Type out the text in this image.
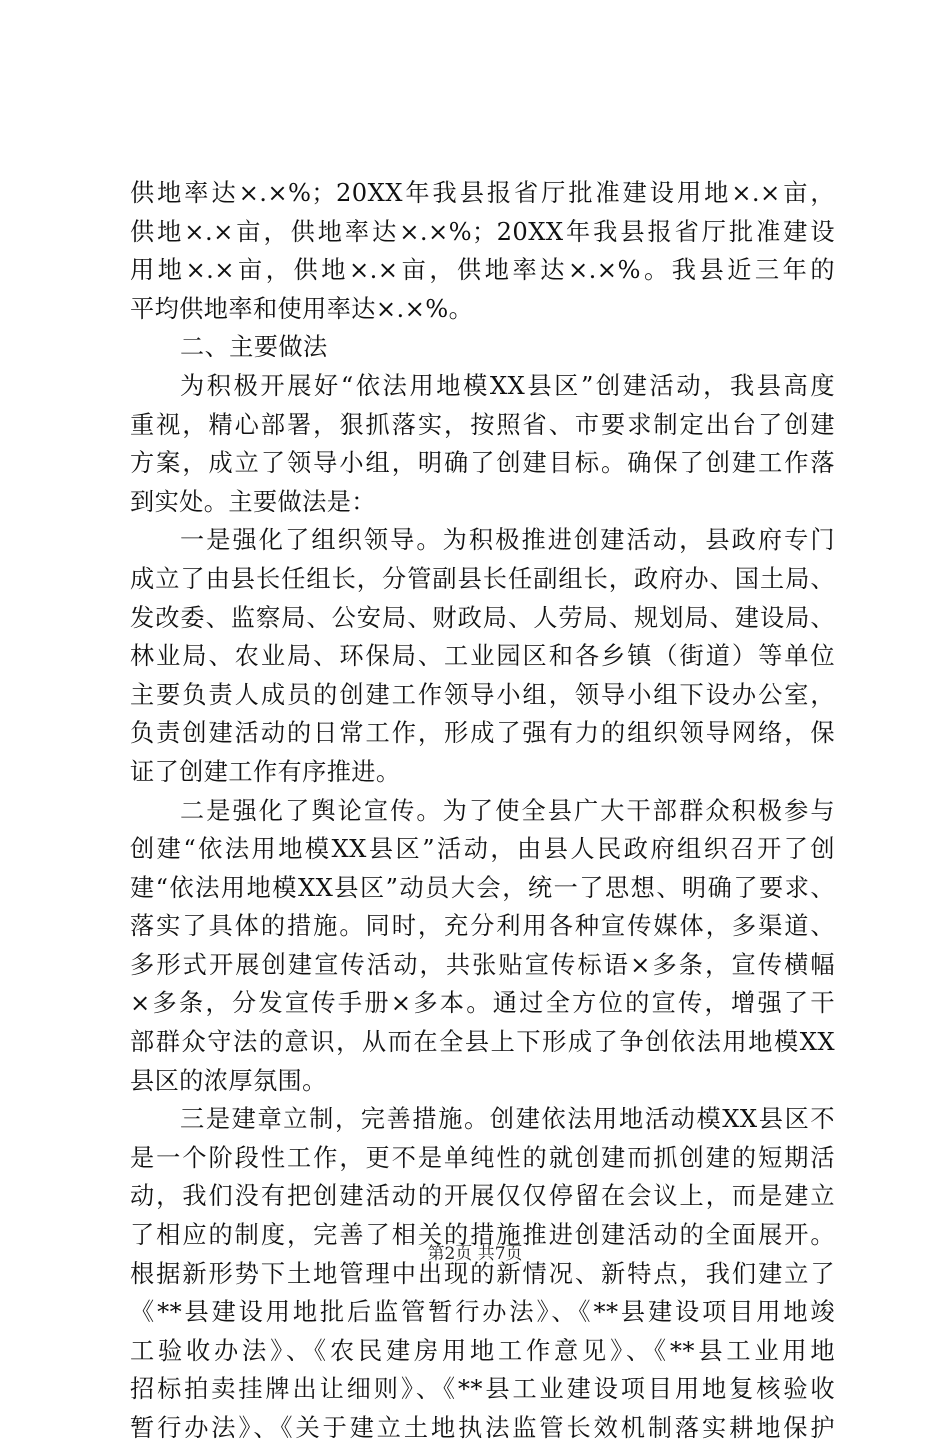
供地率达×.×%；20XX年我县报省厅批准建设用地×.×亩，
供地×.×亩，供地率达×.×%；20XX年我县报省厅批准建设
用地×.×亩，供地×.×亩，供地率达×.×%。我县近三年的
平均供地率和使用率达×.×%。
二、主要做法
为积极开展好“依法用地模XX县区”创建活动，我县高度
重视，精心部署，狠抓落实，按照省、市要求制定出台了创建
方案，成立了领导小组，明确了创建目标。确保了创建工作落
到实处。主要做法是：
一是强化了组织领导。为积极推进创建活动，县政府专门
成立了由县长任组长，分管副县长任副组长，政府办、国土局、
发改委、监察局、公安局、财政局、人劳局、规划局、建设局、
林业局、农业局、环保局、工业园区和各乡镇（街道）等单位
主要负责人成员的创建工作领导小组，领导小组下设办公室，
负责创建活动的日常工作，形成了强有力的组织领导网络，保
证了创建工作有序推进。
二是强化了舆论宣传。为了使全县广大干部群众积极参与
创建“依法用地模XX县区”活动，由县人民政府组织召开了创
建“依法用地模XX县区”动员大会，统一了思想、明确了要求、
落实了具体的措施。同时，充分利用各种宣传媒体，多渠道、
多形式开展创建宣传活动，共张贴宣传标语×多条，宣传横幅
×多条，分发宣传手册×多本。通过全方位的宣传，增强了干
部群众守法的意识，从而在全县上下形成了争创依法用地模XX
县区的浓厚氛围。
三是建章立制，完善措施。创建依法用地活动模XX县区不
是一个阶段性工作，更不是单纯性的就创建而抓创建的短期活
动，我们没有把创建活动的开展仅仅停留在会议上，而是建立
了相应的制度，完善了相关的措施推进创建活动的全面展开。
根据新形势下土地管理中出现的新情况、新特点，我们建立了
《**县建设用地批后监管暂行办法》、《**县建设项目用地竣
工验收办法》、《农民建房用地工作意见》、《**县工业用地
招标拍卖挂牌出让细则》、《**县工业建设项目用地复核验收
暂行办法》、《关于建立土地执法监管长效机制落实耕地保护
第2页 共7页
